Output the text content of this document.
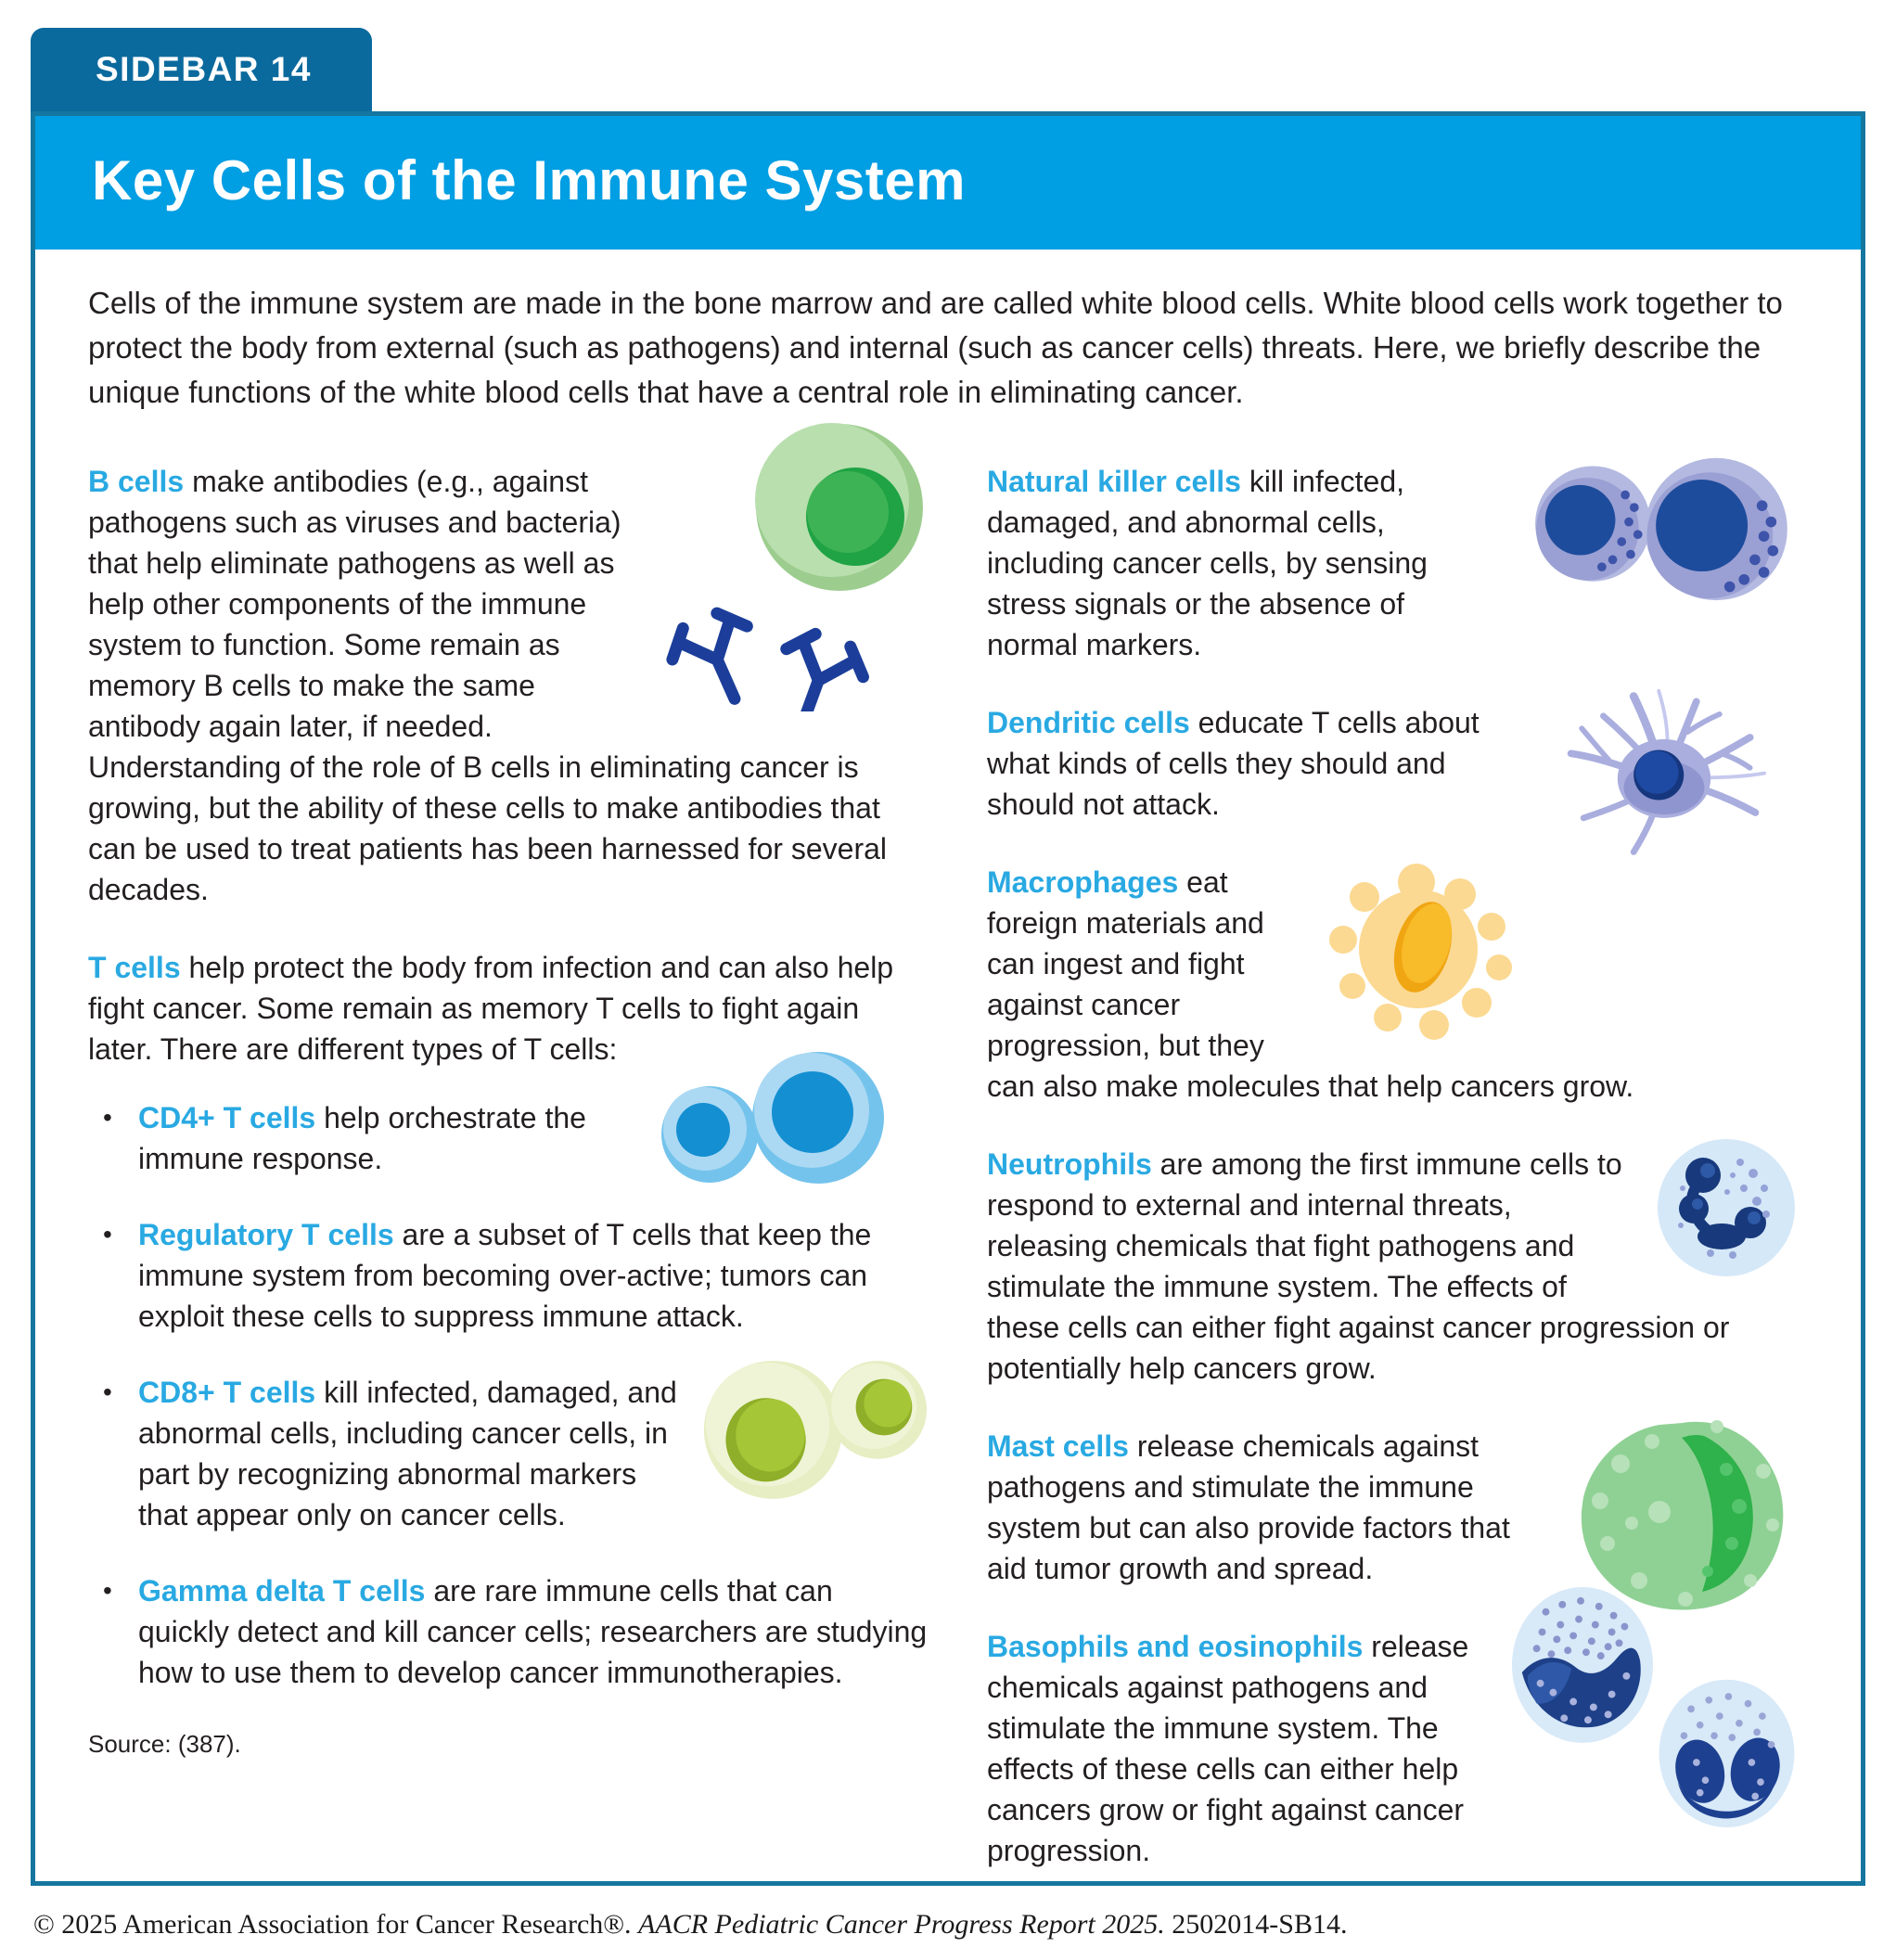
SIDEBAR 14
Key Cells of the Immune System

Cells of the immune system are made in the bone marrow and are called white blood cells. White blood cells work together to protect the body from external (such as pathogens) and internal (such as cancer cells) threats. Here, we briefly describe the unique functions of the white blood cells that have a central role in eliminating cancer.

B cells make antibodies (e.g., against pathogens such as viruses and bacteria) that help eliminate pathogens as well as help other components of the immune system to function. Some remain as memory B cells to make the same antibody again later, if needed. Understanding of the role of B cells in eliminating cancer is growing, but the ability of these cells to make antibodies that can be used to treat patients has been harnessed for several decades.
T cells help protect the body from infection and can also help fight cancer. Some remain as memory T cells to fight again later. There are different types of T cells:
• CD4+ T cells help orchestrate the immune response.
• Regulatory T cells are a subset of T cells that keep the immune system from becoming over-active; tumors can exploit these cells to suppress immune attack.
• CD8+ T cells kill infected, damaged, and abnormal cells, including cancer cells, in part by recognizing abnormal markers that appear only on cancer cells.
• Gamma delta T cells are rare immune cells that can quickly detect and kill cancer cells; researchers are studying how to use them to develop cancer immunotherapies.

Source: (387).

Natural killer cells kill infected, damaged, and abnormal cells, including cancer cells, by sensing stress signals or the absence of normal markers.
Dendritic cells educate T cells about what kinds of cells they should and should not attack.
Macrophages eat foreign materials and can ingest and fight against cancer progression, but they can also make molecules that help cancers grow.
Neutrophils are among the first immune cells to respond to external and internal threats, releasing chemicals that fight pathogens and stimulate the immune system. The effects of these cells can either fight against cancer progression or potentially help cancers grow.
Mast cells release chemicals against pathogens and stimulate the immune system but can also provide factors that aid tumor growth and spread.
Basophils and eosinophils release chemicals against pathogens and stimulate the immune system. The effects of these cells can either help cancers grow or fight against cancer progression.
© 2025 American Association for Cancer Research®. AACR Pediatric Cancer Progress Report 2025. 2502014-SB14.
